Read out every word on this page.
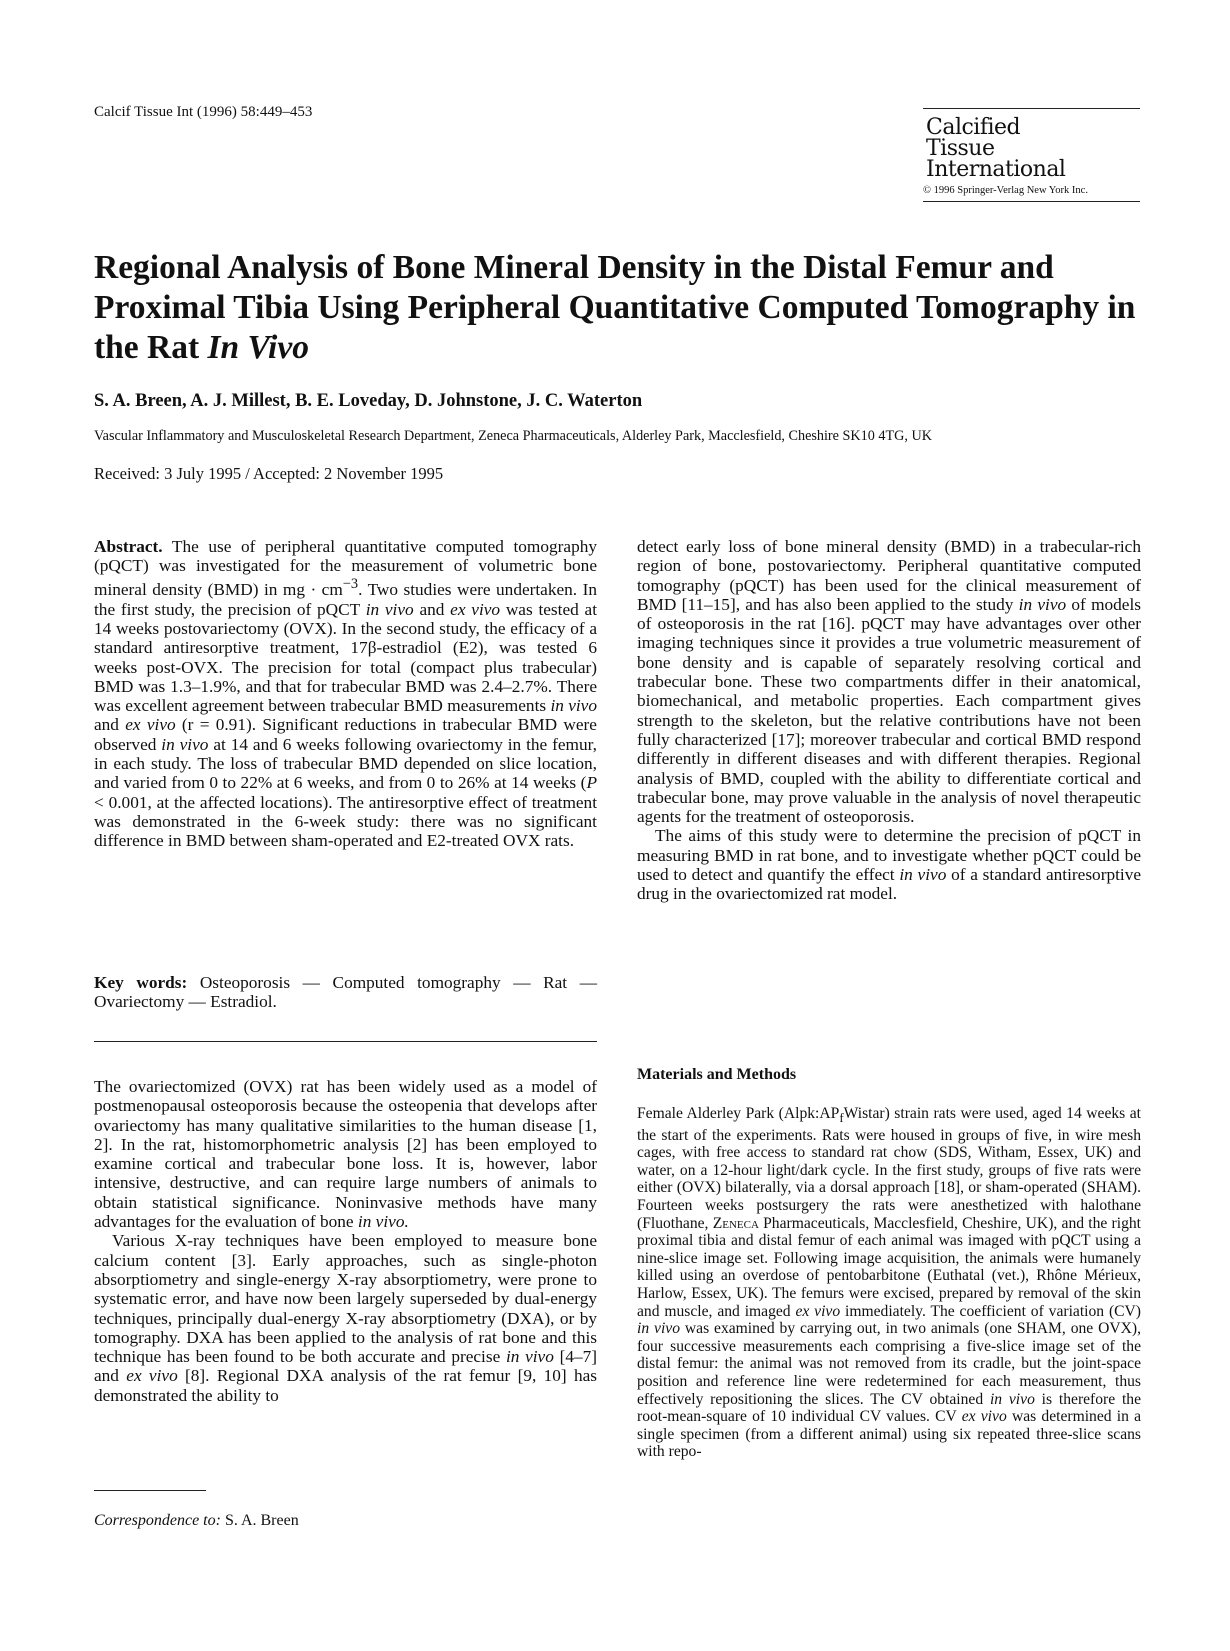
Calcif Tissue Int (1996) 58:449–453
Calcified
Tissue
International
© 1996 Springer-Verlag New York Inc.
Regional Analysis of Bone Mineral Density in the Distal Femur and Proximal Tibia Using Peripheral Quantitative Computed Tomography in the Rat In Vivo
S. A. Breen, A. J. Millest, B. E. Loveday, D. Johnstone, J. C. Waterton
Vascular Inflammatory and Musculoskeletal Research Department, Zeneca Pharmaceuticals, Alderley Park, Macclesfield, Cheshire SK10 4TG, UK
Received: 3 July 1995 / Accepted: 2 November 1995

Abstract. The use of peripheral quantitative computed tomography (pQCT) was investigated for the measurement of volumetric bone mineral density (BMD) in mg · $cm^{-3}$. Two studies were undertaken. In the first study, the precision of pQCT in vivo and ex vivo was tested at 14 weeks postovariectomy (OVX). In the second study, the efficacy of a standard antiresorptive treatment, 17β-estradiol (E2), was tested 6 weeks post-OVX. The precision for total (compact plus trabecular) BMD was 1.3–1.9%, and that for trabecular BMD was 2.4–2.7%. There was excellent agreement between trabecular BMD measurements in vivo and ex vivo (r = 0.91). Significant reductions in trabecular BMD were observed in vivo at 14 and 6 weeks following ovariectomy in the femur, in each study. The loss of trabecular BMD depended on slice location, and varied from 0 to 22% at 6 weeks, and from 0 to 26% at 14 weeks (P < 0.001, at the affected locations). The antiresorptive effect of treatment was demonstrated in the 6-week study: there was no significant difference in BMD between sham-operated and E2-treated OVX rats.

Key words: Osteoporosis — Computed tomography — Rat — Ovariectomy — Estradiol.

The ovariectomized (OVX) rat has been widely used as a model of postmenopausal osteoporosis because the osteopenia that develops after ovariectomy has many qualitative similarities to the human disease [1, 2]. In the rat, histomorphometric analysis [2] has been employed to examine cortical and trabecular bone loss. It is, however, labor intensive, destructive, and can require large numbers of animals to obtain statistical significance. Noninvasive methods have many advantages for the evaluation of bone in vivo.

Various X-ray techniques have been employed to measure bone calcium content [3]. Early approaches, such as single-photon absorptiometry and single-energy X-ray absorptiometry, were prone to systematic error, and have now been largely superseded by dual-energy techniques, principally dual-energy X-ray absorptiometry (DXA), or by tomography. DXA has been applied to the analysis of rat bone and this technique has been found to be both accurate and precise in vivo [4–7] and ex vivo [8]. Regional DXA analysis of the rat femur [9, 10] has demonstrated the ability to

detect early loss of bone mineral density (BMD) in a trabecular-rich region of bone, postovariectomy. Peripheral quantitative computed tomography (pQCT) has been used for the clinical measurement of BMD [11–15], and has also been applied to the study in vivo of models of osteoporosis in the rat [16]. pQCT may have advantages over other imaging techniques since it provides a true volumetric measurement of bone density and is capable of separately resolving cortical and trabecular bone. These two compartments differ in their anatomical, biomechanical, and metabolic properties. Each compartment gives strength to the skeleton, but the relative contributions have not been fully characterized [17]; moreover trabecular and cortical BMD respond differently in different diseases and with different therapies. Regional analysis of BMD, coupled with the ability to differentiate cortical and trabecular bone, may prove valuable in the analysis of novel therapeutic agents for the treatment of osteoporosis.

The aims of this study were to determine the precision of pQCT in measuring BMD in rat bone, and to investigate whether pQCT could be used to detect and quantify the effect in vivo of a standard antiresorptive drug in the ovariectomized rat model.

Materials and Methods

Female Alderley Park $(Alpk:AP_fWistar)$ strain rats were used, aged 14 weeks at the start of the experiments. Rats were housed in groups of five, in wire mesh cages, with free access to standard rat chow (SDS, Witham, Essex, UK) and water, on a 12-hour light/dark cycle. In the first study, groups of five rats were either (OVX) bilaterally, via a dorsal approach [18], or sham-operated (SHAM). Fourteen weeks postsurgery the rats were anesthetized with halothane (Fluothane, Zeneca Pharmaceuticals, Macclesfield, Cheshire, UK), and the right proximal tibia and distal femur of each animal was imaged with pQCT using a nine-slice image set. Following image acquisition, the animals were humanely killed using an overdose of pentobarbitone (Euthatal (vet.), Rhône Mérieux, Harlow, Essex, UK). The femurs were excised, prepared by removal of the skin and muscle, and imaged ex vivo immediately. The coefficient of variation (CV) in vivo was examined by carrying out, in two animals (one SHAM, one OVX), four successive measurements each comprising a five-slice image set of the distal femur: the animal was not removed from its cradle, but the joint-space position and reference line were redetermined for each measurement, thus effectively repositioning the slices. The CV obtained in vivo is therefore the root-mean-square of 10 individual CV values. CV ex vivo was determined in a single specimen (from a different animal) using six repeated three-slice scans with repo-

Correspondence to: S. A. Breen
